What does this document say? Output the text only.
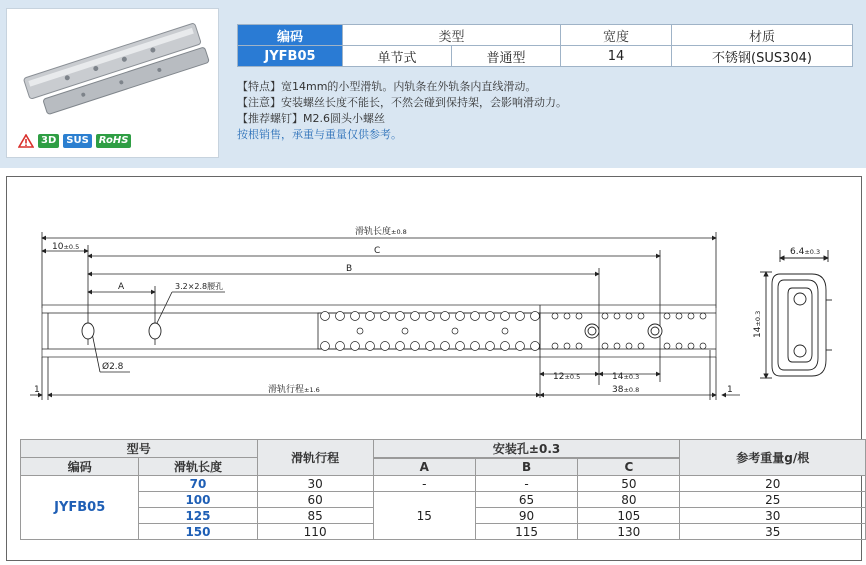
3D	SUS	RoHS
编码	类型		宽度	材质
JYFB05	单节式	普通型	14	不锈钢(SUS304)
【特点】宽14mm的小型滑轨。内轨条在外轨条内直线滑动。
【注意】安装螺丝长度不能长，不然会碰到保持架，会影响滑动力。
【推荐螺钉】M2.6圆头小螺丝
按根销售，承重与重量仅供参考。
滑轨长度±0.8
10±0.5	C
B
A	3.2×2.8腰孔
Ø2.8
12±0.5	14±0.3
1	滑轨行程±1.6	38±0.8	1
6.4±0.3
14±0.3
型号		滑轨行程	安装孔±0.3			参考重量g/根
编码	滑轨长度					
			A	B	C	
JYFB05	70	30	-	-	50	20
	100	60	15	65	80	25
	125	85		90	105	30
	150	110		115	130	35
